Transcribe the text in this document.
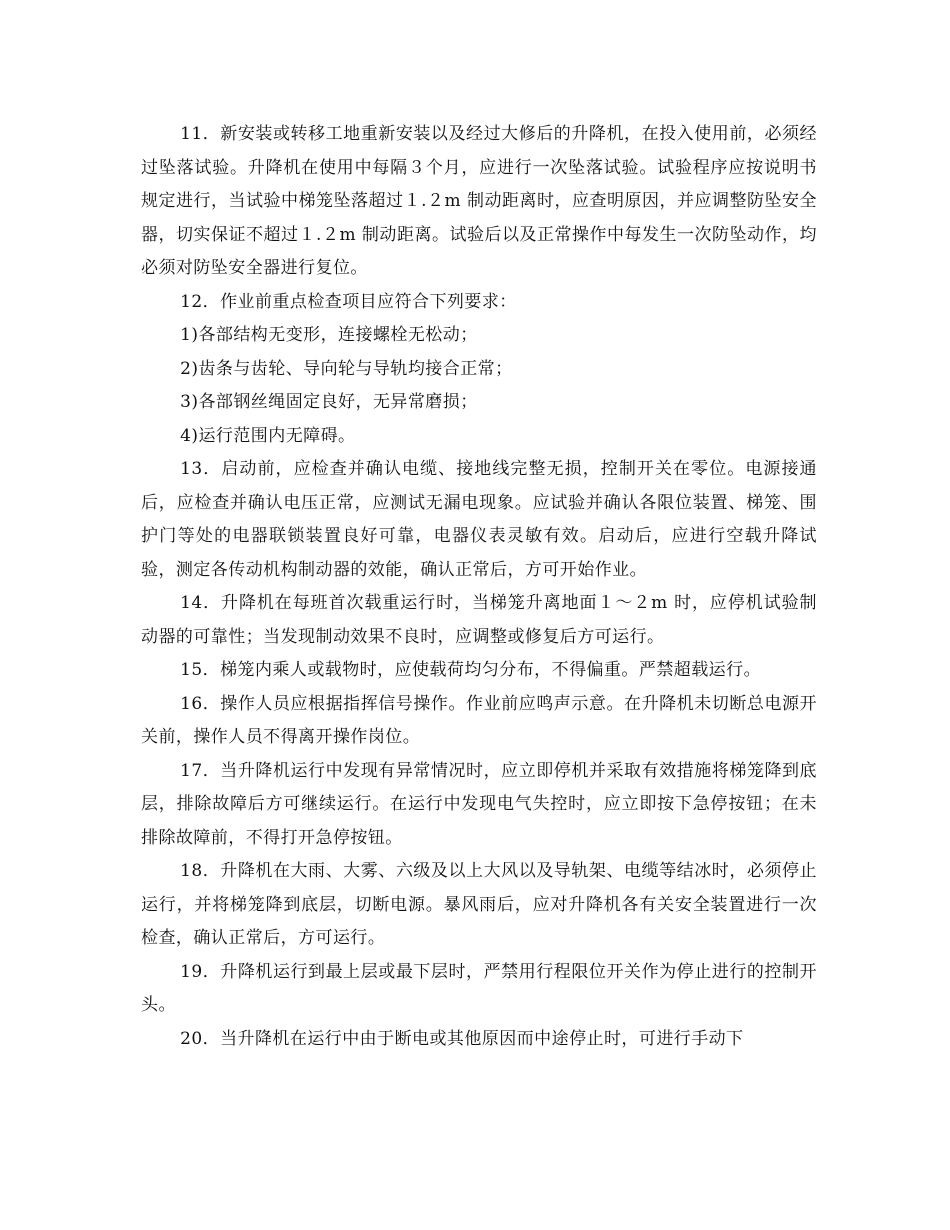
11．新安装或转移工地重新安装以及经过大修后的升降机，在投入使用前，必须经过坠落试验。升降机在使用中每隔３个月，应进行一次坠落试验。试验程序应按说明书规定进行，当试验中梯笼坠落超过１.２m 制动距离时，应查明原因，并应调整防坠安全器，切实保证不超过１.２m 制动距离。试验后以及正常操作中每发生一次防坠动作，均必须对防坠安全器进行复位。

12．作业前重点检查项目应符合下列要求：

1)各部结构无变形，连接螺栓无松动；

2)齿条与齿轮、导向轮与导轨均接合正常；

3)各部钢丝绳固定良好，无异常磨损；

4)运行范围内无障碍。

13．启动前，应检查并确认电缆、接地线完整无损，控制开关在零位。电源接通后，应检查并确认电压正常，应测试无漏电现象。应试验并确认各限位装置、梯笼、围护门等处的电器联锁装置良好可靠，电器仪表灵敏有效。启动后，应进行空载升降试验，测定各传动机构制动器的效能，确认正常后，方可开始作业。

14．升降机在每班首次载重运行时，当梯笼升离地面１～２m 时，应停机试验制动器的可靠性；当发现制动效果不良时，应调整或修复后方可运行。

15．梯笼内乘人或载物时，应使载荷均匀分布，不得偏重。严禁超载运行。

16．操作人员应根据指挥信号操作。作业前应鸣声示意。在升降机未切断总电源开关前，操作人员不得离开操作岗位。

17．当升降机运行中发现有异常情况时，应立即停机并采取有效措施将梯笼降到底层，排除故障后方可继续运行。在运行中发现电气失控时，应立即按下急停按钮；在未排除故障前，不得打开急停按钮。

18．升降机在大雨、大雾、六级及以上大风以及导轨架、电缆等结冰时，必须停止运行，并将梯笼降到底层，切断电源。暴风雨后，应对升降机各有关安全装置进行一次检查，确认正常后，方可运行。

19．升降机运行到最上层或最下层时，严禁用行程限位开关作为停止进行的控制开头。

20．当升降机在运行中由于断电或其他原因而中途停止时，可进行手动下
